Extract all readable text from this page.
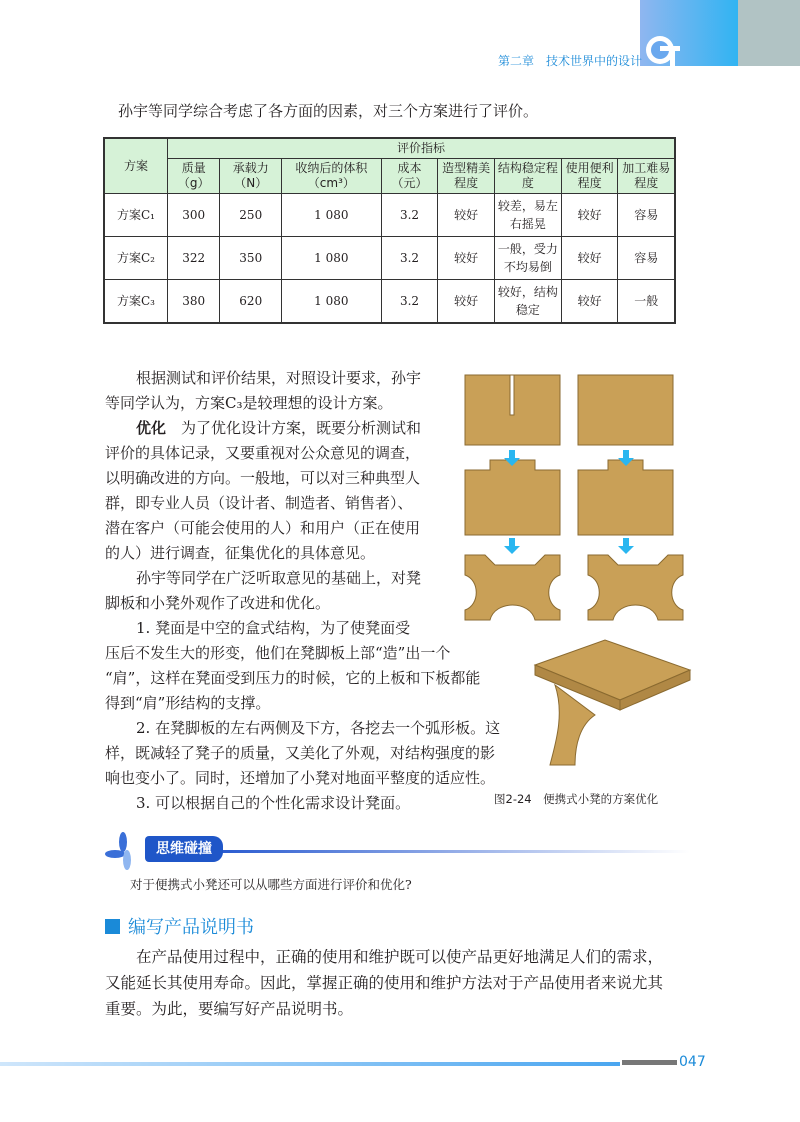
第二章　技术世界中的设计
孙宇等同学综合考虑了各方面的因素，对三个方案进行了评价。
方案	评价指标							
	质量（g）	承载力（N）	收纳后的体积（cm³）	成本（元）	造型精美程度	结构稳定程度	使用便利程度	加工难易程度
方案C₁	300	250	1 080	3.2	较好	较差，易左右摇晃	较好	容易
方案C₂	322	350	1 080	3.2	较好	一般，受力不均易倒	较好	容易
方案C₃	380	620	1 080	3.2	较好	较好，结构稳定	较好	一般
根据测试和评价结果，对照设计要求，孙宇
等同学认为，方案C₃是较理想的设计方案。
优化　 为了优化设计方案，既要分析测试和
评价的具体记录，又要重视对公众意见的调查，
以明确改进的方向。一般地，可以对三种典型人
群，即专业人员（设计者、制造者、销售者）、
潜在客户（可能会使用的人）和用户（正在使用
的人）进行调查，征集优化的具体意见。
孙宇等同学在广泛听取意见的基础上，对凳
脚板和小凳外观作了改进和优化。
1. 凳面是中空的盒式结构，为了使凳面受
压后不发生大的形变，他们在凳脚板上部“造”出一个
“肩”，这样在凳面受到压力的时候，它的上板和下板都能
得到“肩”形结构的支撑。
2. 在凳脚板的左右两侧及下方，各挖去一个弧形板。这
样，既减轻了凳子的质量，又美化了外观，对结构强度的影
响也变小了。同时，还增加了小凳对地面平整度的适应性。
3. 可以根据自己的个性化需求设计凳面。	图2-24　便携式小凳的方案优化
思维碰撞
对于便携式小凳还可以从哪些方面进行评价和优化?
编写产品说明书
在产品使用过程中，正确的使用和维护既可以使产品更好地满足人们的需求，
又能延长其使用寿命。因此，掌握正确的使用和维护方法对于产品使用者来说尤其
重要。为此，要编写好产品说明书。
047
